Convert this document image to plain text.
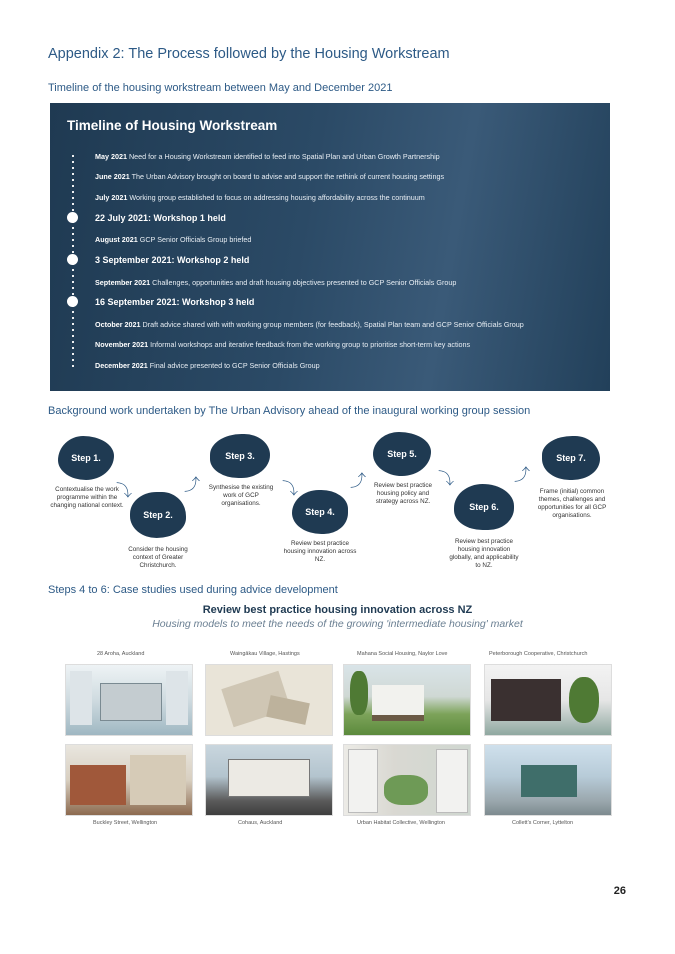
Appendix 2: The Process followed by the Housing Workstream
Timeline of the housing workstream between May and December 2021
Timeline of Housing Workstream
May 2021 Need for a Housing Workstream identified to feed into Spatial Plan and Urban Growth Partnership
June 2021 The Urban Advisory brought on board to advise and support the rethink of current housing settings
July 2021 Working group established to focus on addressing housing affordability across the continuum
22 July 2021: Workshop 1 held
August 2021 GCP Senior Officials Group briefed
3 September 2021: Workshop 2 held
September 2021 Challenges, opportunities and draft housing objectives presented to GCP Senior Officials Group
16 September 2021: Workshop 3 held
October 2021 Draft advice shared with with working group members (for feedback), Spatial Plan team and GCP Senior Officials Group
November 2021 Informal workshops and iterative feedback from the working group to prioritise short-term key actions
December 2021 Final advice presented to GCP Senior Officials Group
Background work undertaken by The Urban Advisory ahead of the inaugural working group session
Step 1.
Contextualise the work programme within the changing national context.
⤵
Step 2.
Consider the housing context of Greater Christchurch.
⤴
Step 3.
Synthesise the existing work of GCP organisations.
⤵
Step 4.
Review best practice housing innovation across NZ.
⤴
Step 5.
Review best practice housing policy and strategy across NZ.
⤵
Step 6.
Review best practice housing innovation globally, and applicability to NZ.
⤴
Step 7.
Frame (initial) common themes, challenges and opportunities for all GCP organisations.
Steps 4 to 6: Case studies used during advice development
Review best practice housing innovation across NZ
Housing models to meet the needs of the growing 'intermediate housing' market
28 Aroha, Auckland	Waingākau Village, Hastings	Mahana Social Housing, Naylor Love	Peterborough Cooperative, Christchurch
Buckley Street, Wellington	Cohaus, Auckland	Urban Habitat Collective, Wellington	Collett's Corner, Lyttelton
26
